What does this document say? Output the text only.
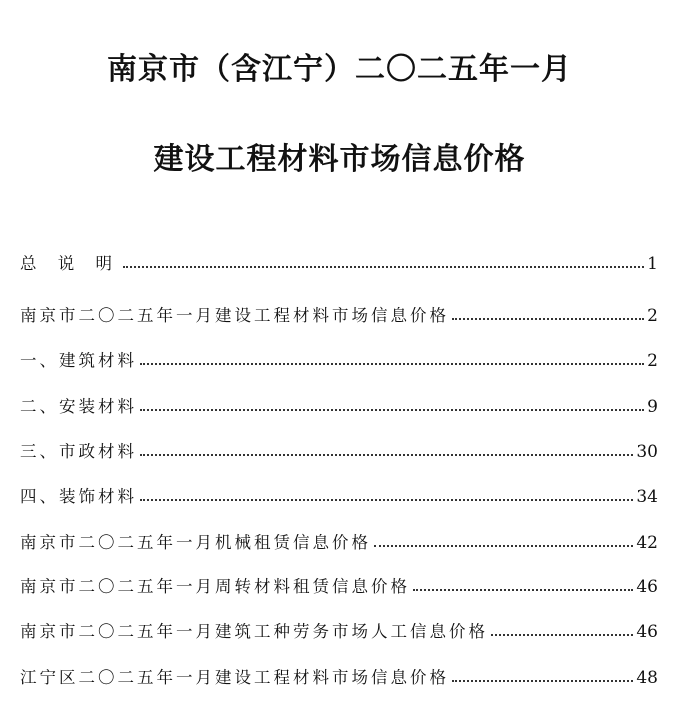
南京市（含江宁）二〇二五年一月
建设工程材料市场信息价格
总 说 明	1
南京市二〇二五年一月建设工程材料市场信息价格	2
一、建筑材料	2
二、安装材料	9
三、市政材料	30
四、装饰材料	34
南京市二〇二五年一月机械租赁信息价格	42
南京市二〇二五年一月周转材料租赁信息价格	46
南京市二〇二五年一月建筑工种劳务市场人工信息价格	46
江宁区二〇二五年一月建设工程材料市场信息价格	48
